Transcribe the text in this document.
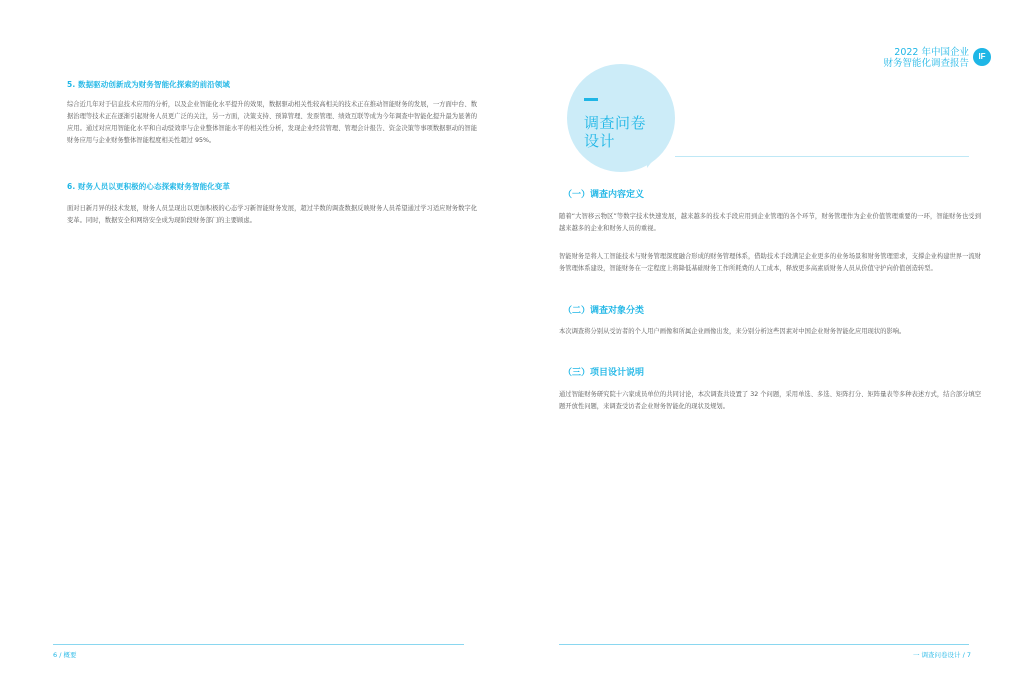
5. 数据驱动创新成为财务智能化探索的前沿领域
综合近几年对于信息技术应用的分析，以及企业智能化水平提升的效果，数据驱动相关性较高相关的技术正在推动智能财务的发展，一方面中台、数据治理等技术正在逐渐引起财务人员更广泛的关注，另一方面，决策支持、预算管理、发票管理、绩效互联等成为今年调查中智能化提升最为显著的应用。通过对应用智能化水平和自动驳效率与企业整体智能水平的相关性分析，发现企业经营管理、管理会计报告、资金决策等事项数据驱动的智能财务应用与企业财务整体智能程度相关性超过 95%。
6. 财务人员以更积极的心态探索财务智能化变革
面对日新月异的技术发展，财务人员呈现出以更加积极的心态学习新智能财务发展，超过半数的调查数据反映财务人员希望通过学习适应财务数字化变革。同时，数据安全和网络安全成为现阶段财务部门的主要顾虑。
6 / 概要
2022 年中国企业
财务智能化调查报告
IF
调查问卷设计
（一）调查内容定义
随着“大智移云物区”等数字技术快速发展，越来越多的技术手段应用到企业管理的各个环节，财务管理作为企业价值管理重要的一环，智能财务也受到越来越多的企业和财务人员的重视。
智能财务是将人工智能技术与财务管理深度融合形成的财务管理体系，借助技术手段满足企业更多的业务场景和财务管理需求，支撑企业构建世界一流财务管理体系建设，智能财务在一定程度上将降低基础财务工作所耗费的人工成本，释放更多高素质财务人员从价值守护向价值创造转型。
（二）调查对象分类
本次调查将分别从受访者的个人用户画像和所属企业画像出发，来分别分析这些因素对中国企业财务智能化应用现状的影响。
（三）项目设计说明
通过智能财务研究院十六家成员单位的共同讨论，本次调查共设置了 32 个问题，采用单选、多选、矩阵打分、矩阵量表等多种表述方式，结合部分填空题开放性问题，来调查受访者企业财务智能化的现状及规划。
一 调查问卷设计 / 7
